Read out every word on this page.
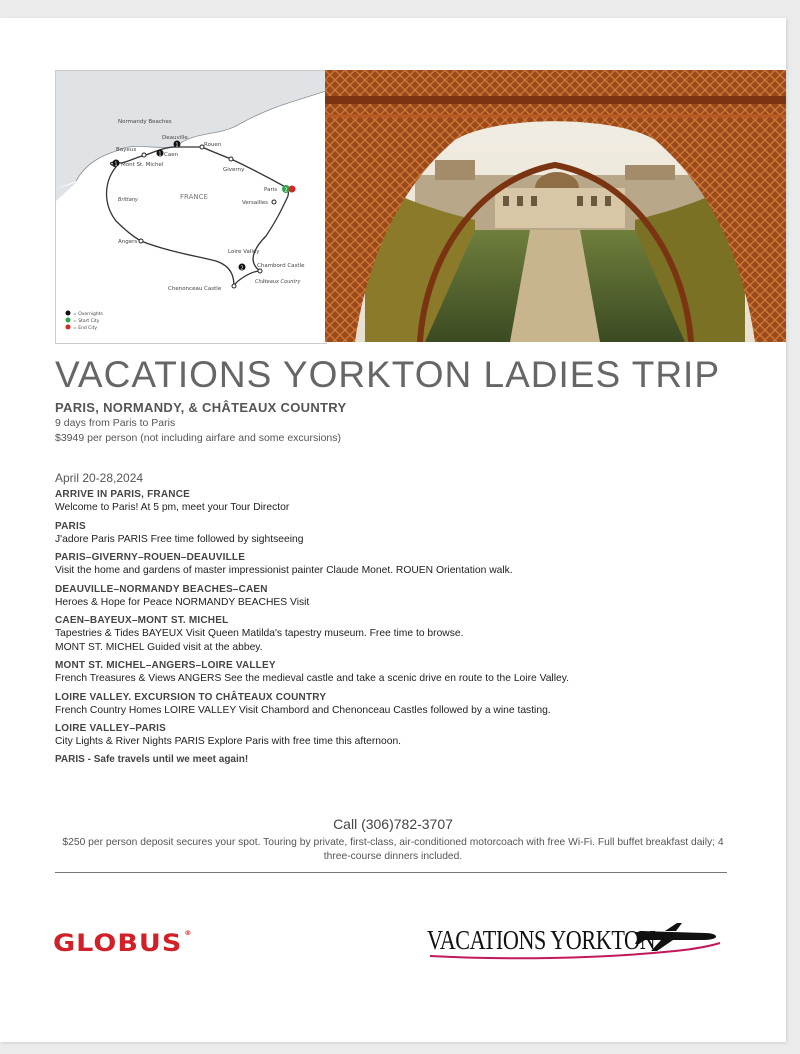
1
1
1
2
2
Normandy Beaches
Deauville
Rouen
Bayeux
Caen
Mont St. Michel
Giverny
Paris
FRANCE
Brittany	Versailles
Angers
Loire Valley
Chambord Castle
Châteaux Country
Chenonceau Castle
= Overnights
= Start City
= End City
VACATIONS YORKTON LADIES TRIP
PARIS, NORMANDY, & CHÂTEAUX COUNTRY
9 days from Paris to Paris
$3949 per person (not including airfare and some excursions)
April 20-28,2024
ARRIVE IN PARIS, FRANCE
Welcome to Paris! At 5 pm, meet your Tour Director
PARIS
J'adore Paris PARIS Free time followed by sightseeing
PARIS–GIVERNY–ROUEN–DEAUVILLE
Visit the home and gardens of master impressionist painter Claude Monet. ROUEN Orientation walk.
DEAUVILLE–NORMANDY BEACHES–CAEN
Heroes & Hope for Peace NORMANDY BEACHES Visit
CAEN–BAYEUX–MONT ST. MICHEL
Tapestries & Tides BAYEUX Visit Queen Matilda's tapestry museum. Free time to browse.
MONT ST. MICHEL Guided visit at the abbey.
MONT ST. MICHEL–ANGERS–LOIRE VALLEY
French Treasures & Views ANGERS See the medieval castle and take a scenic drive en route to the Loire Valley.
LOIRE VALLEY. EXCURSION TO CHÂTEAUX COUNTRY
French Country Homes LOIRE VALLEY Visit Chambord and Chenonceau Castles followed by a wine tasting.
LOIRE VALLEY–PARIS
City Lights & River Nights PARIS Explore Paris with free time this afternoon.
PARIS - Safe travels until we meet again!
Call (306)782-3707
$250 per person deposit secures your spot. Touring by private, first-class, air-conditioned motorcoach with free Wi-Fi. Full buffet breakfast daily; 4 three-course dinners included.
GLOBUS ®	VACATIONS YORKTON
